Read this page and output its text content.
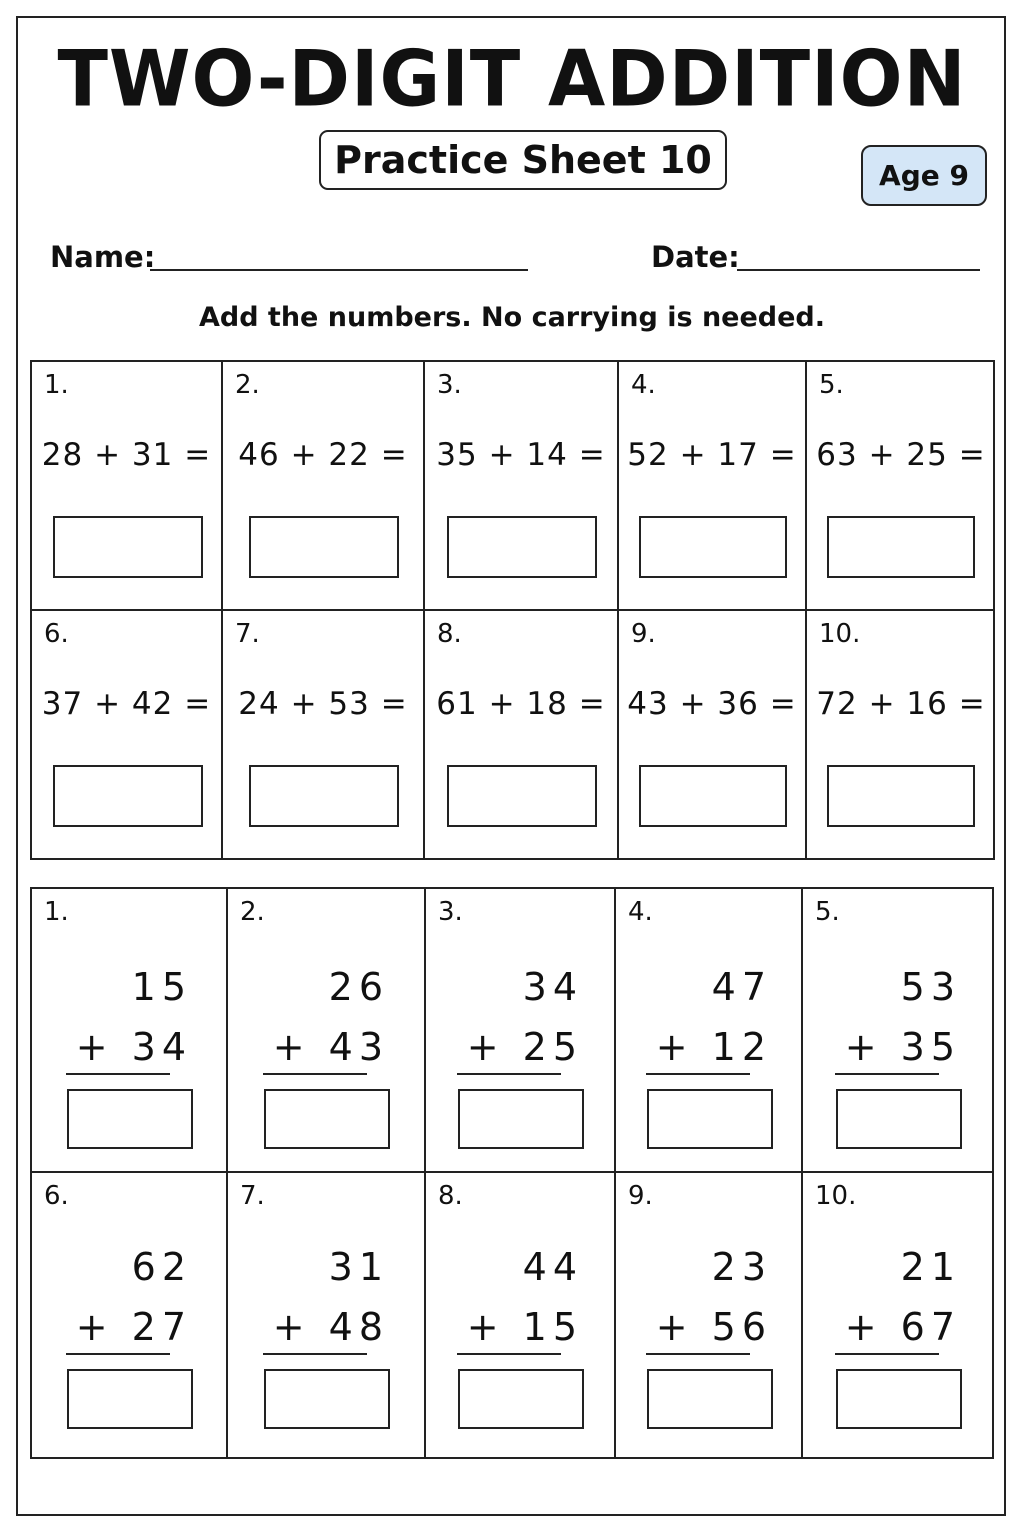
TWO-DIGIT ADDITION
Practice Sheet 10	Age 9
Name:	Date:
Add the numbers. No carrying is needed.
1.
28 + 31 =
2.
46 + 22 =
3.
35 + 14 =
4.
52 + 17 =
5.
63 + 25 =
6.
37 + 42 =
7.
24 + 53 =
8.
61 + 18 =
9.
43 + 36 =
10.
72 + 16 =
1.
15
+ 34
2.
26
+ 43
3.
34
+ 25
4.
47
+ 12
5.
53
+ 35
6.
62
+ 27
7.
31
+ 48
8.
44
+ 15
9.
23
+ 56
10.
21
+ 67
